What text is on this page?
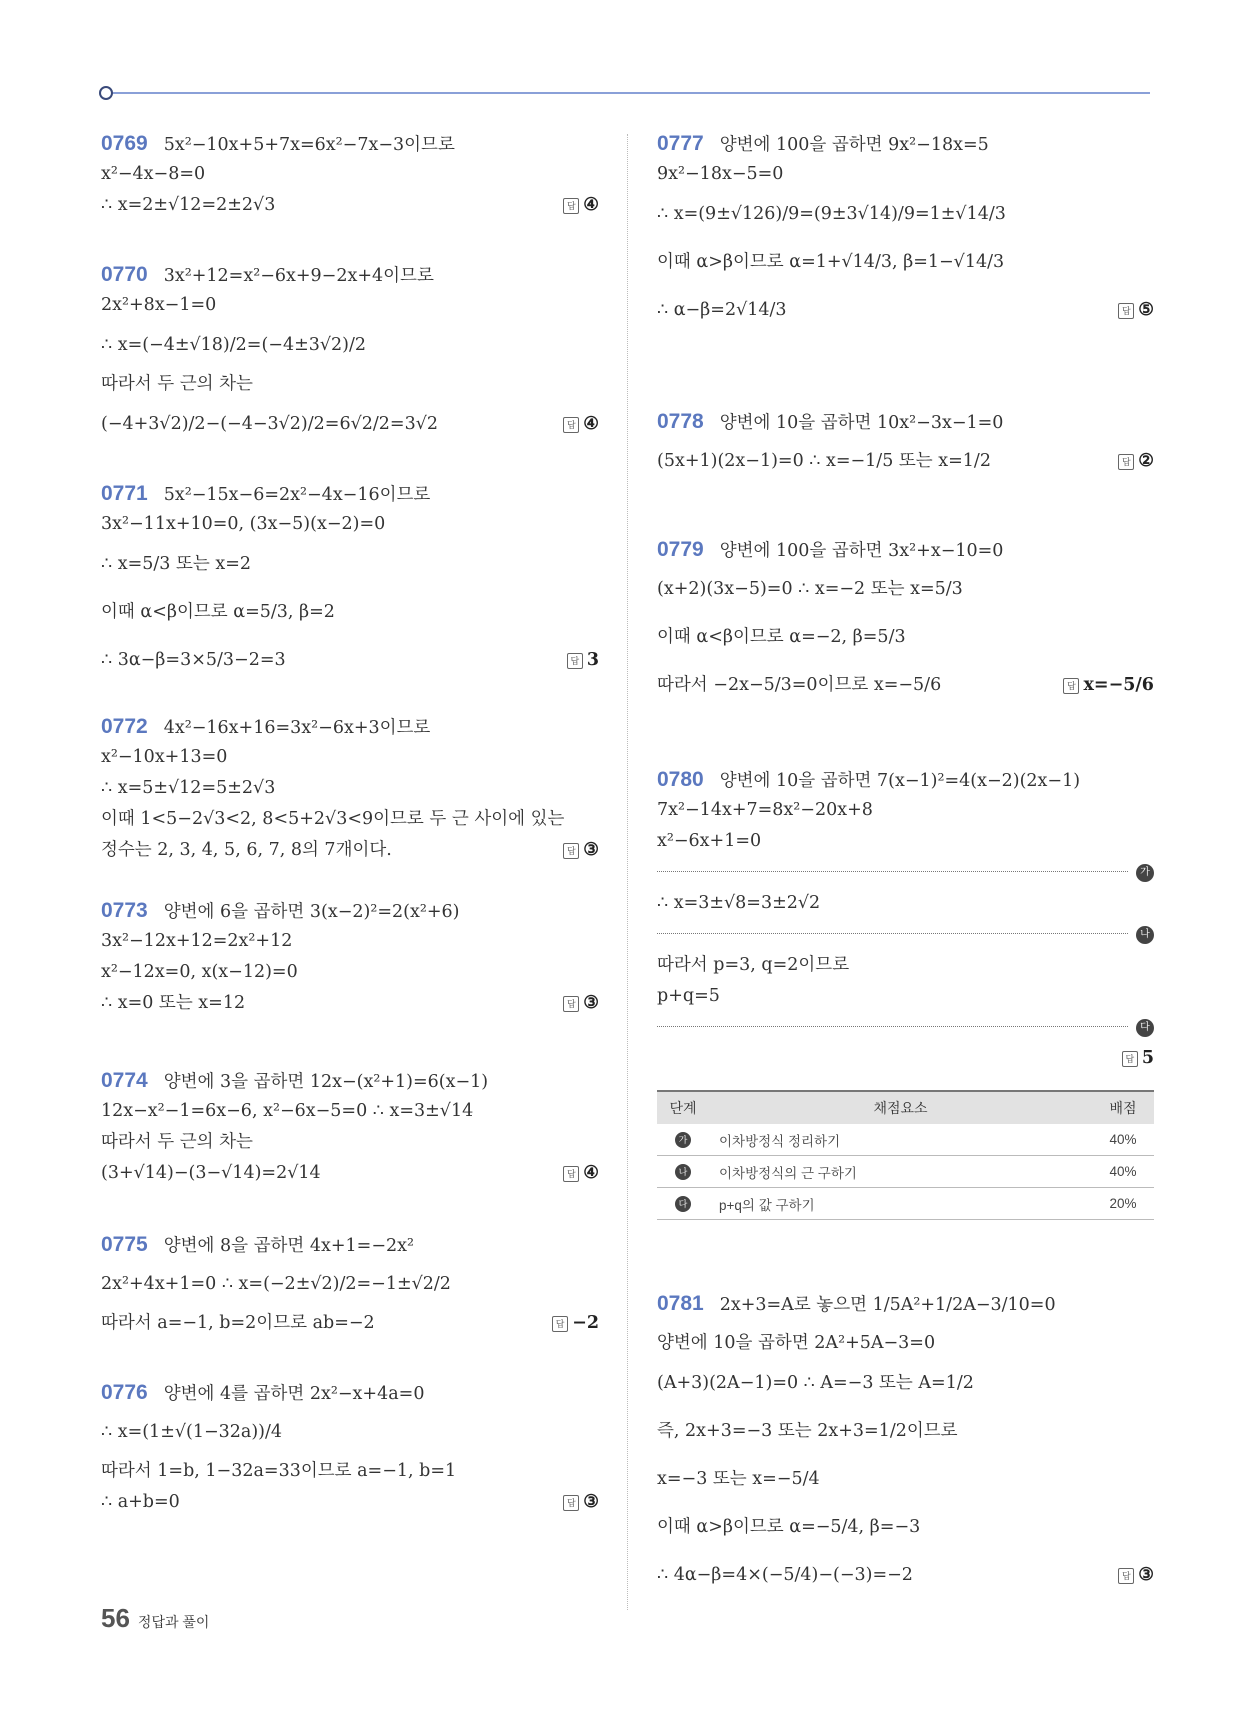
0769 5x²−10x+5+7x=6x²−7x−3이므로
x²−4x−8=0
∴ x=2±√12=2±2√3	답 ④
0770 3x²+12=x²−6x+9−2x+4이므로
2x²+8x−1=0
∴ x=(−4±√18)/2=(−4±3√2)/2
따라서 두 근의 차는
(−4+3√2)/2−(−4−3√2)/2=6√2/2=3√2	답 ④
0771 5x²−15x−6=2x²−4x−16이므로
3x²−11x+10=0, (3x−5)(x−2)=0
∴ x=5/3 또는 x=2
이때 α<β이므로 α=5/3, β=2
∴ 3α−β=3×5/3−2=3	답 3
0772 4x²−16x+16=3x²−6x+3이므로
x²−10x+13=0
∴ x=5±√12=5±2√3
이때 1<5−2√3<2, 8<5+2√3<9이므로 두 근 사이에 있는
정수는 2, 3, 4, 5, 6, 7, 8의 7개이다.	답 ③
0773 양변에 6을 곱하면 3(x−2)²=2(x²+6)
3x²−12x+12=2x²+12
x²−12x=0, x(x−12)=0
∴ x=0 또는 x=12	답 ③
0774 양변에 3을 곱하면 12x−(x²+1)=6(x−1)
12x−x²−1=6x−6, x²−6x−5=0 ∴ x=3±√14
따라서 두 근의 차는
(3+√14)−(3−√14)=2√14	답 ④
0775 양변에 8을 곱하면 4x+1=−2x²
2x²+4x+1=0 ∴ x=(−2±√2)/2=−1±√2/2
따라서 a=−1, b=2이므로 ab=−2	답 −2
0776 양변에 4를 곱하면 2x²−x+4a=0
∴ x=(1±√(1−32a))/4
따라서 1=b, 1−32a=33이므로 a=−1, b=1
∴ a+b=0	답 ③
0777 양변에 100을 곱하면 9x²−18x=5
9x²−18x−5=0
∴ x=(9±√126)/9=(9±3√14)/9=1±√14/3
이때 α>β이므로 α=1+√14/3, β=1−√14/3
∴ α−β=2√14/3	답 ⑤
0778 양변에 10을 곱하면 10x²−3x−1=0
(5x+1)(2x−1)=0 ∴ x=−1/5 또는 x=1/2	답 ②
0779 양변에 100을 곱하면 3x²+x−10=0
(x+2)(3x−5)=0 ∴ x=−2 또는 x=5/3
이때 α<β이므로 α=−2, β=5/3
따라서 −2x−5/3=0이므로 x=−5/6	답 x=−5/6
0780 양변에 10을 곱하면 7(x−1)²=4(x−2)(2x−1)
7x²−14x+7=8x²−20x+8
x²−6x+1=0
가
∴ x=3±√8=3±2√2
나
따라서 p=3, q=2이므로
p+q=5
다
답 5
단계	채점요소	배점
가	이차방정식 정리하기	40%
나	이차방정식의 근 구하기	40%
다	p+q의 값 구하기	20%
0781 2x+3=A로 놓으면 1/5A²+1/2A−3/10=0
양변에 10을 곱하면 2A²+5A−3=0
(A+3)(2A−1)=0 ∴ A=−3 또는 A=1/2
즉, 2x+3=−3 또는 2x+3=1/2이므로
x=−3 또는 x=−5/4
이때 α>β이므로 α=−5/4, β=−3
∴ 4α−β=4×(−5/4)−(−3)=−2	답 ③
56 정답과 풀이
